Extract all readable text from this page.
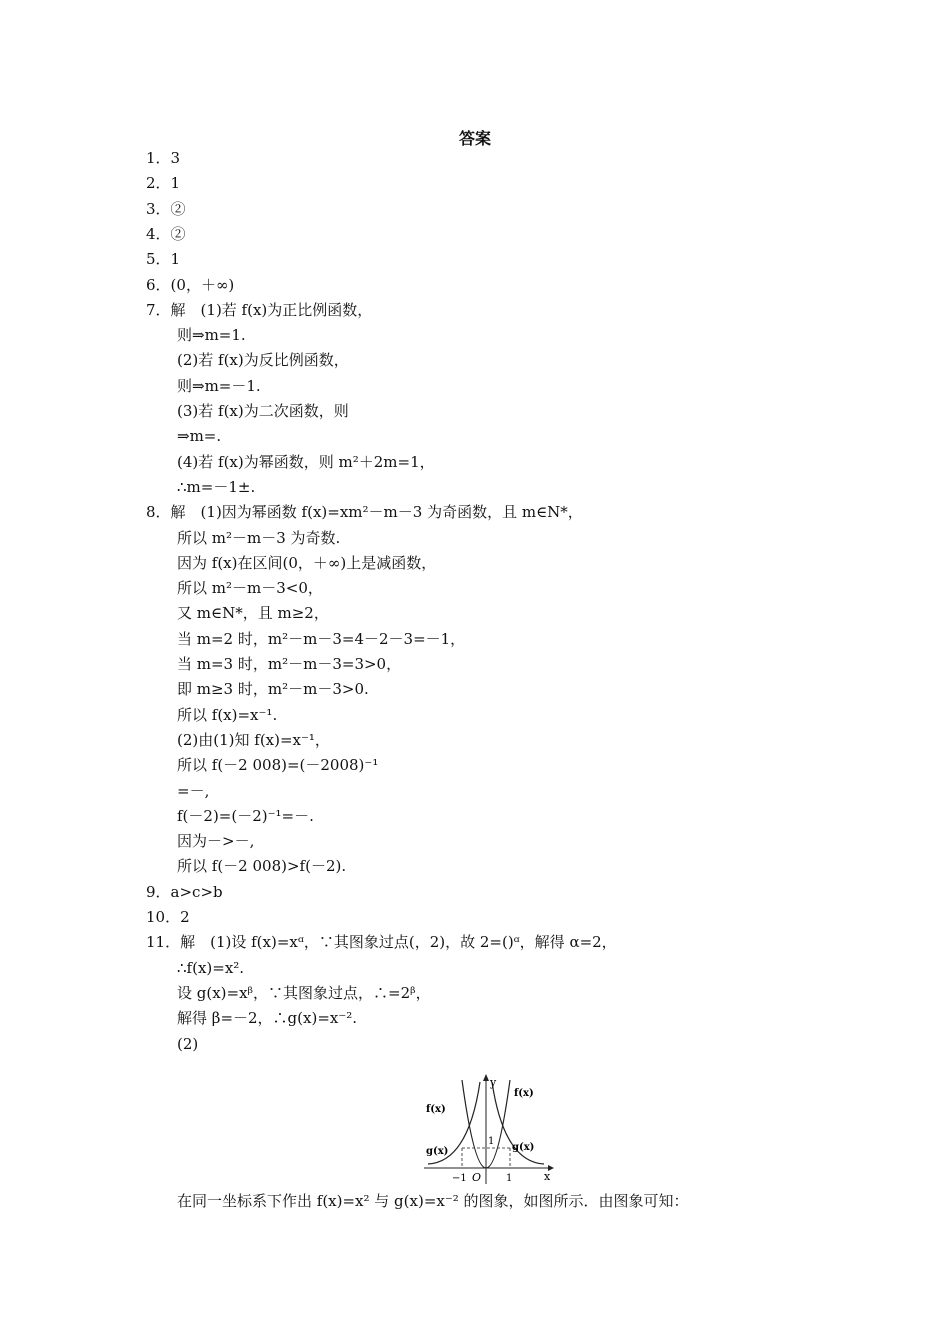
答案
1．3
2．1
3．②
4．②
5．1
6．(0，＋∞)
7．解　(1)若 f(x)为正比例函数，
则⇒m=1.
(2)若 f(x)为反比例函数，
则⇒m=－1.
(3)若 f(x)为二次函数，则
⇒m=.
(4)若 f(x)为幂函数，则 m²＋2m=1，
∴m=－1±.
8．解　(1)因为幂函数 f(x)=xm²－m－3 为奇函数，且 m∈N*，
所以 m²－m－3 为奇数.
因为 f(x)在区间(0，＋∞)上是减函数，
所以 m²－m－3<0，
又 m∈N*，且 m≥2，
当 m=2 时，m²－m－3=4－2－3=－1，
当 m=3 时，m²－m－3=3>0，
即 m≥3 时，m²－m－3>0.
所以 f(x)=x⁻¹.
(2)由(1)知 f(x)=x⁻¹，
所以 f(－2 008)=(－2008)⁻¹
=－,
f(－2)=(－2)⁻¹=－.
因为－>－,
所以 f(－2 008)>f(－2).
9．a>c>b
10．2
11．解　(1)设 f(x)=xᵅ，∵其图象过点(，2)，故 2=()ᵅ，解得 α=2，
∴f(x)=x².
设 g(x)=xᵝ，∵其图象过点，∴=2ᵝ，
解得 β=－2，∴g(x)=x⁻².
(2)
y
x
O
−1	1
1
f(x)
f(x)
g(x)	g(x)
在同一坐标系下作出 f(x)=x² 与 g(x)=x⁻² 的图象，如图所示．由图象可知：
